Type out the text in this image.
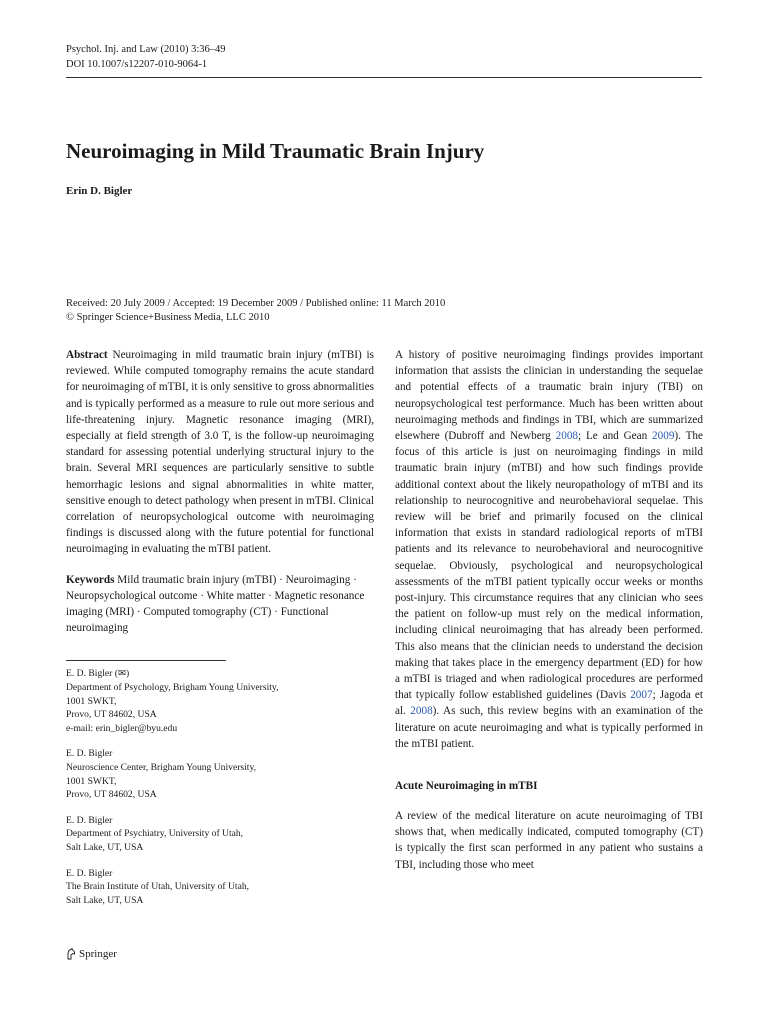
Psychol. Inj. and Law (2010) 3:36–49
DOI 10.1007/s12207-010-9064-1
Neuroimaging in Mild Traumatic Brain Injury
Erin D. Bigler
Received: 20 July 2009 / Accepted: 19 December 2009 / Published online: 11 March 2010
© Springer Science+Business Media, LLC 2010

Abstract Neuroimaging in mild traumatic brain injury (mTBI) is reviewed. While computed tomography remains the acute standard for neuroimaging of mTBI, it is only sensitive to gross abnormalities and is typically performed as a measure to rule out more serious and life-threatening injury. Magnetic resonance imaging (MRI), especially at field strength of 3.0 T, is the follow-up neuroimaging standard for assessing potential underlying structural injury to the brain. Several MRI sequences are particularly sensitive to subtle hemorrhagic lesions and signal abnormalities in white matter, sensitive enough to detect pathology when present in mTBI. Clinical correlation of neuropsychological outcome with neuroimaging findings is discussed along with the future potential for functional neuroimaging in evaluating the mTBI patient.

Keywords Mild traumatic brain injury (mTBI) · Neuroimaging · Neuropsychological outcome · White matter · Magnetic resonance imaging (MRI) · Computed tomography (CT) · Functional neuroimaging

E. D. Bigler (✉)
Department of Psychology, Brigham Young University,
1001 SWKT,
Provo, UT 84602, USA
e-mail: erin_bigler@byu.edu
E. D. Bigler
Neuroscience Center, Brigham Young University,
1001 SWKT,
Provo, UT 84602, USA
E. D. Bigler
Department of Psychiatry, University of Utah,
Salt Lake, UT, USA
E. D. Bigler
The Brain Institute of Utah, University of Utah,
Salt Lake, UT, USA

A history of positive neuroimaging findings provides important information that assists the clinician in understanding the sequelae and potential effects of a traumatic brain injury (TBI) on neuropsychological test performance. Much has been written about neuroimaging methods and findings in TBI, which are summarized elsewhere (Dubroff and Newberg 2008; Le and Gean 2009). The focus of this article is just on neuroimaging findings in mild traumatic brain injury (mTBI) and how such findings provide additional context about the likely neuropathology of mTBI and its relationship to neurocognitive and neurobehavioral sequelae. This review will be brief and primarily focused on the clinical information that exists in standard radiological reports of mTBI patients and its relevance to neurobehavioral and neurocognitive sequelae. Obviously, psychological and neuropsychological assessments of the mTBI patient typically occur weeks or months post-injury. This circumstance requires that any clinician who sees the patient on follow-up must rely on the medical information, including clinical neuroimaging that has already been performed. This also means that the clinician needs to understand the decision making that takes place in the emergency department (ED) for how a mTBI is triaged and when radiological procedures are performed that typically follow established guidelines (Davis 2007; Jagoda et al. 2008). As such, this review begins with an examination of the literature on acute neuroimaging and what is typically performed in the mTBI patient.

Acute Neuroimaging in mTBI

A review of the medical literature on acute neuroimaging of TBI shows that, when medically indicated, computed tomography (CT) is typically the first scan performed in any patient who sustains a TBI, including those who meet

Springer
